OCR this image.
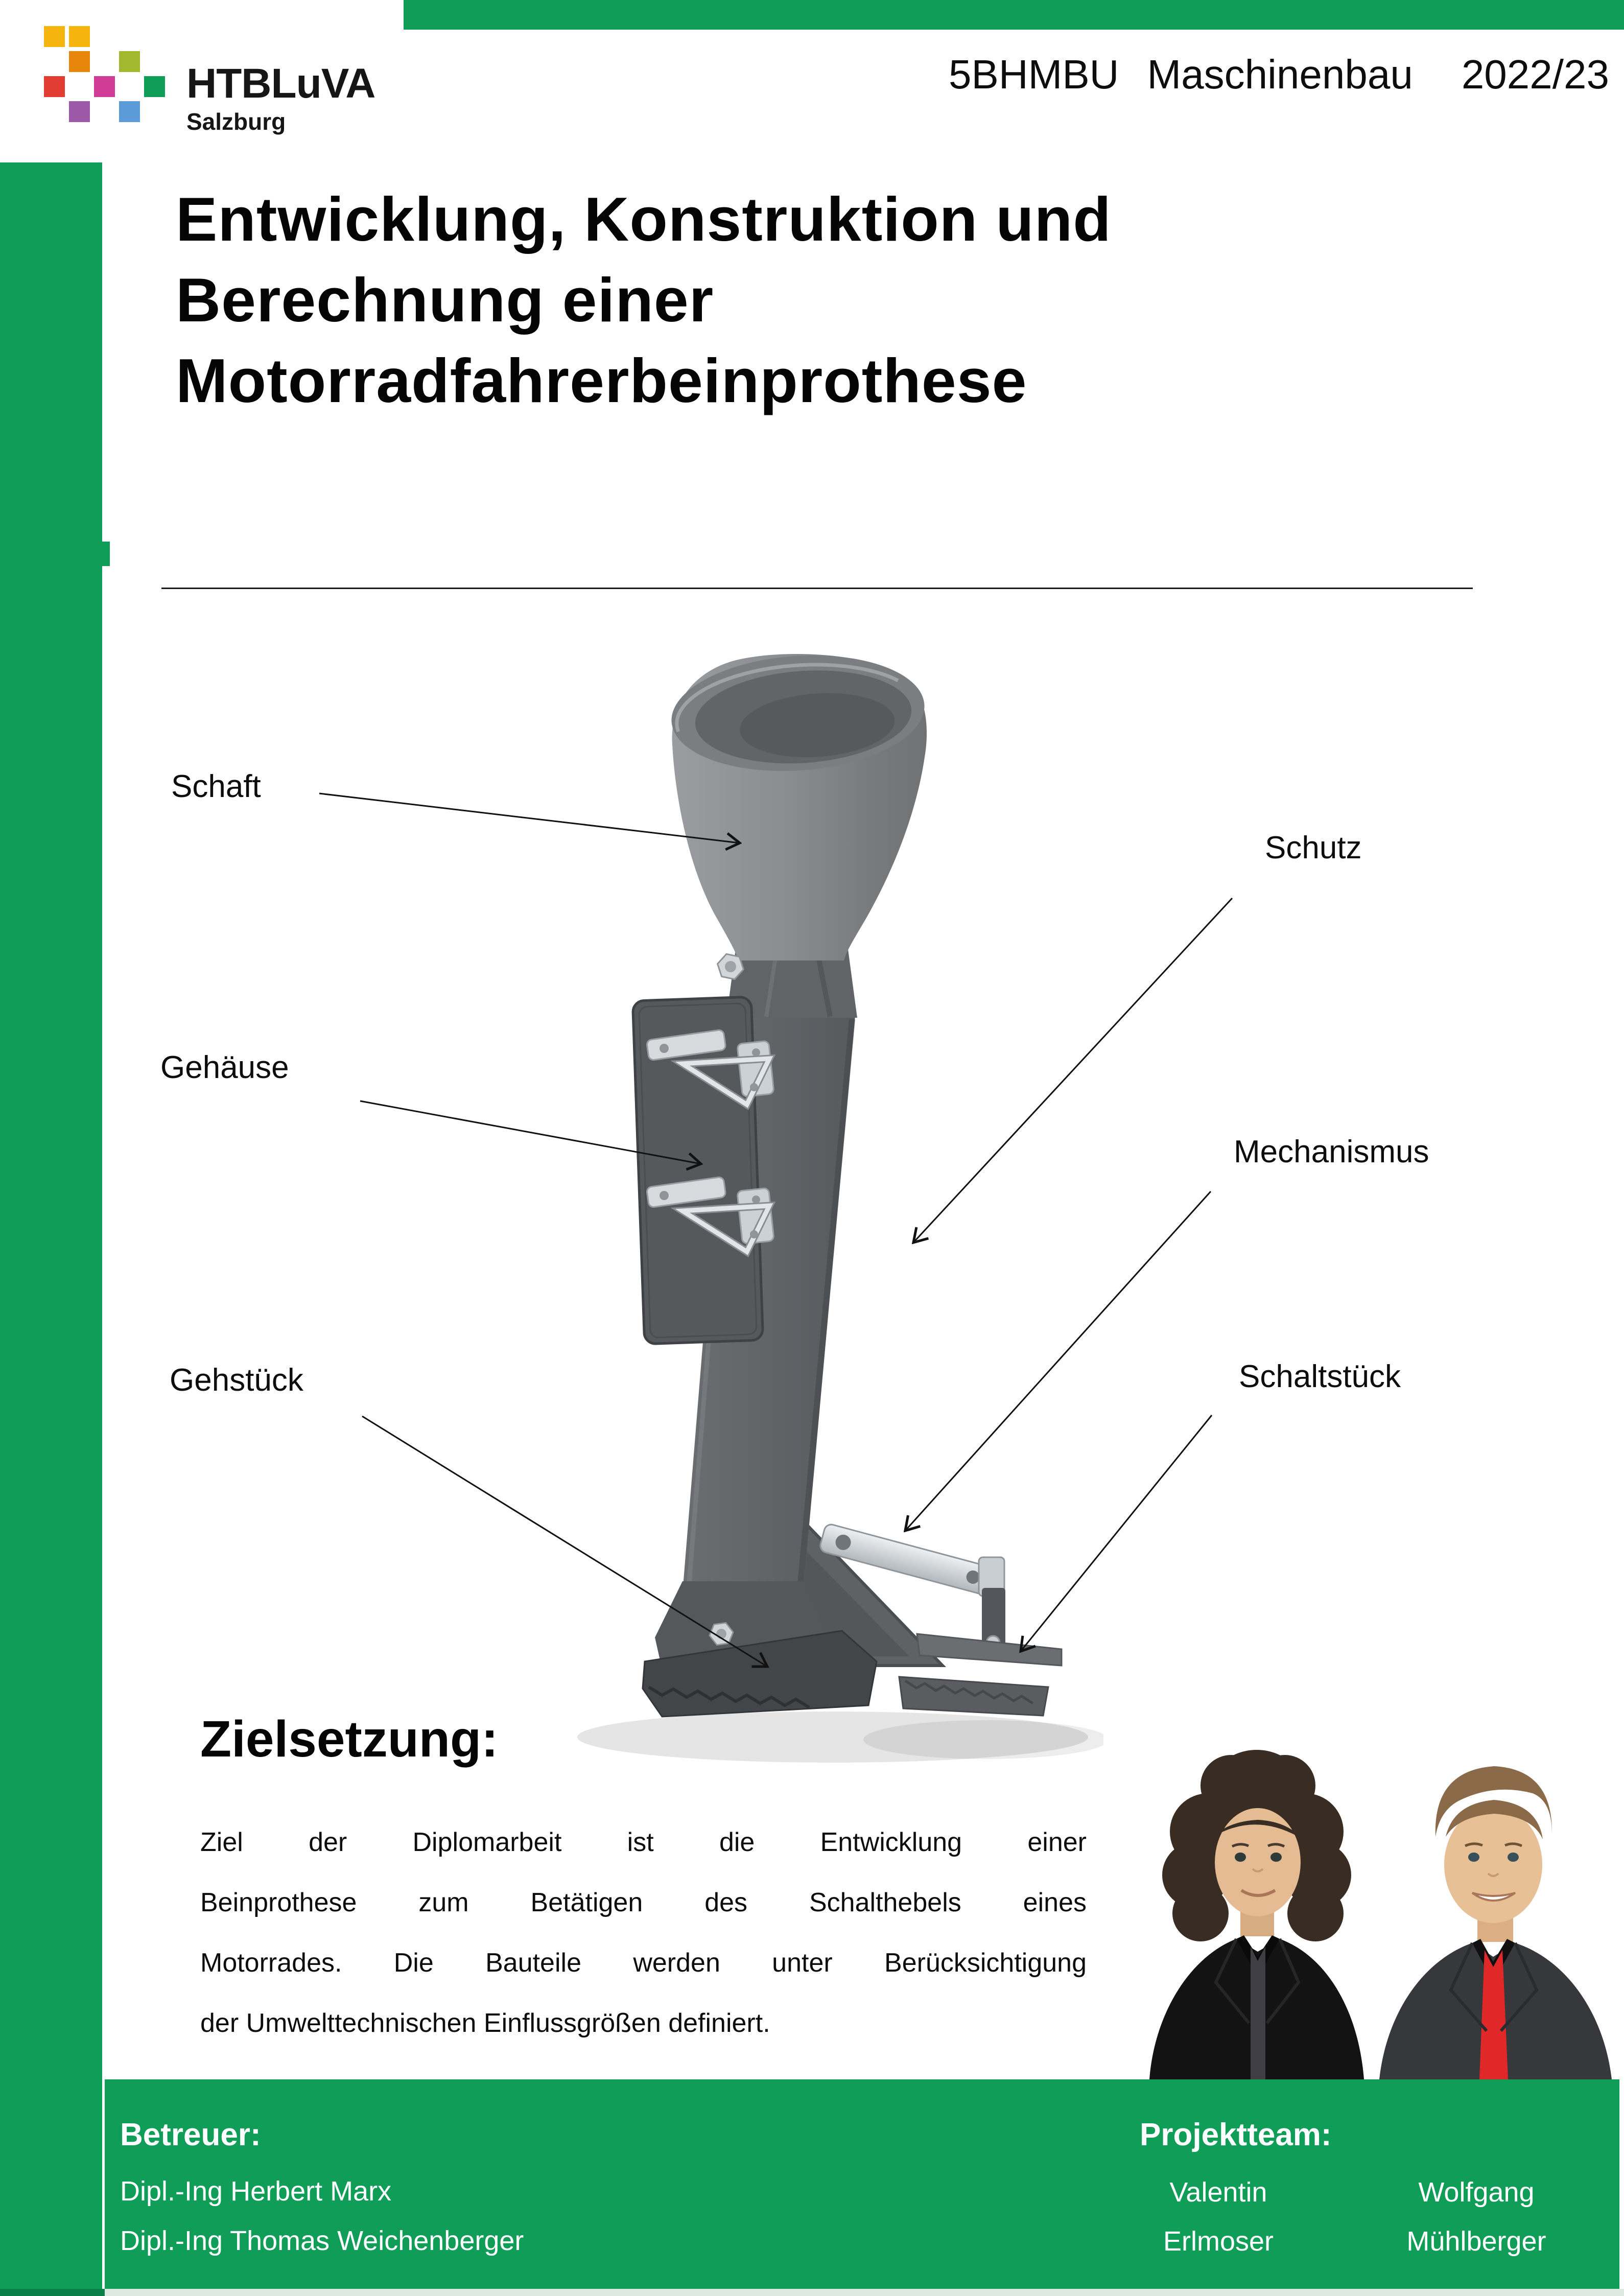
HTBLuVA
Salzburg
5BHMBU Maschinenbau 2022/23
Entwicklung, Konstruktion und
Berechnung einer
Motorradfahrerbeinprothese
Schaft
Gehäuse
Gehstück
Schutz
Mechanismus
Schaltstück
Zielsetzung:
Ziel der Diplomarbeit ist die Entwicklung einer
Beinprothese zum Betätigen des Schalthebels eines
Motorrades. Die Bauteile werden unter Berücksichtigung
der Umwelttechnischen Einflussgrößen definiert.
Betreuer:
Dipl.-Ing Herbert Marx
Dipl.-Ing Thomas Weichenberger
Projektteam:
Valentin
Erlmoser
Wolfgang
Mühlberger
